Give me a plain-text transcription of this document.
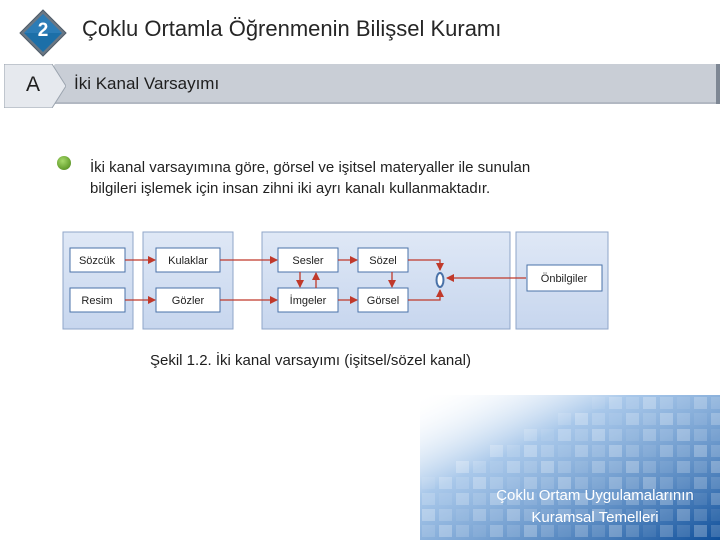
2	Çoklu Ortamla Öğrenmenin Bilişsel Kuramı
A	İki Kanal Varsayımı
İki kanal varsayımına göre, görsel ve işitsel materyaller ile sunulan
bilgileri işlemek için insan zihni iki ayrı kanalı kullanmaktadır.
Sözcük
Resim
Kulaklar
Gözler
Sesler
İmgeler
Sözel
Görsel
Önbilgiler
Şekil 1.2. İki kanal varsayımı (işitsel/sözel kanal)
Çoklu Ortam Uygulamalarının
Kuramsal Temelleri
